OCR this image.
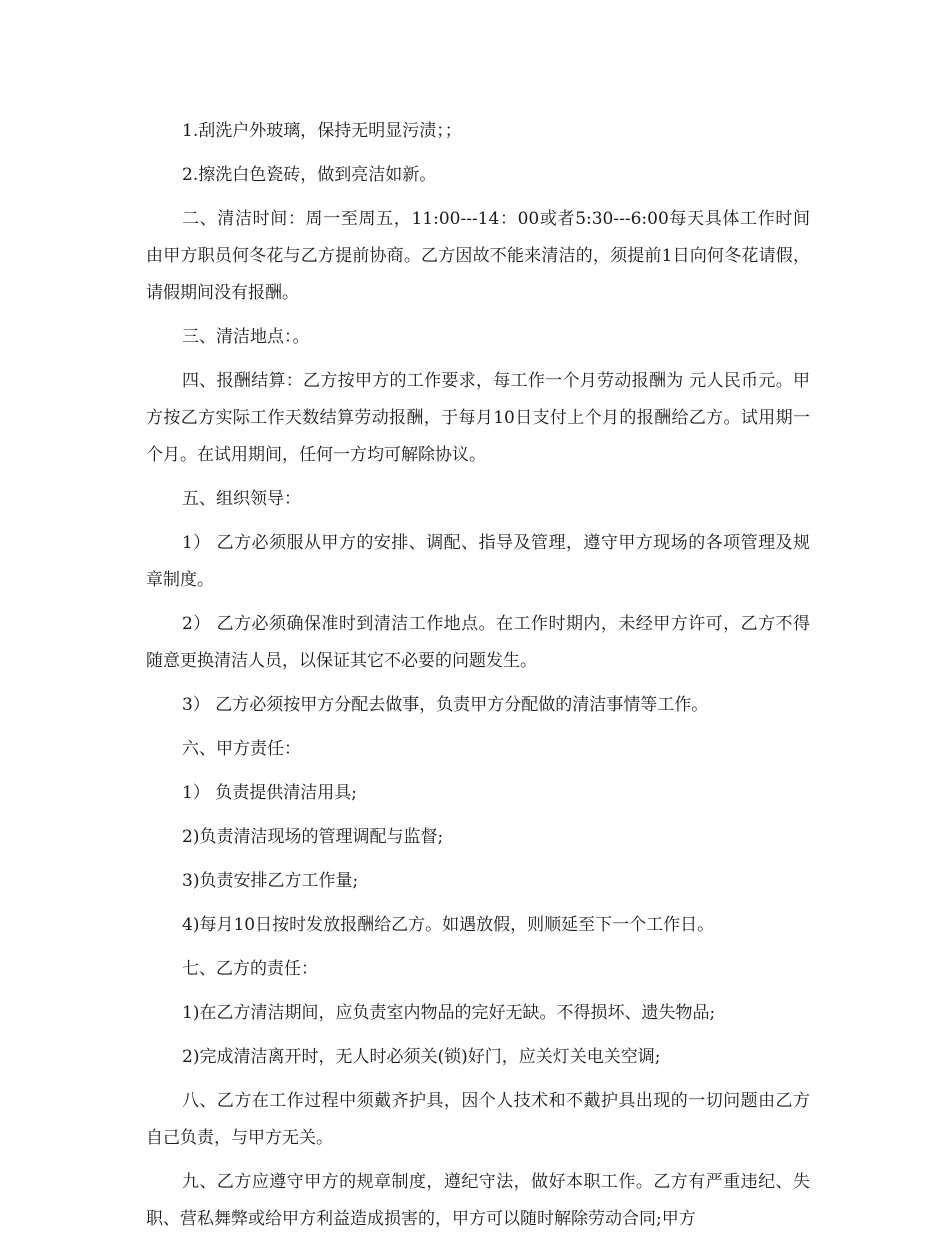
1.刮洗户外玻璃，保持无明显污渍；；

2.擦洗白色瓷砖，做到亮洁如新。

二、清洁时间：周一至周五，11:00---14：00或者5:30---6:00每天具体工作时间由甲方职员何冬花与乙方提前协商。乙方因故不能来清洁的，须提前1日向何冬花请假，请假期间没有报酬。

三、清洁地点：。

四、报酬结算：乙方按甲方的工作要求，每工作一个月劳动报酬为 元人民币元。甲方按乙方实际工作天数结算劳动报酬，于每月10日支付上个月的报酬给乙方。试用期一个月。在试用期间，任何一方均可解除协议。

五、组织领导：

1） 乙方必须服从甲方的安排、调配、指导及管理，遵守甲方现场的各项管理及规章制度。

2） 乙方必须确保准时到清洁工作地点。在工作时期内，未经甲方许可，乙方不得随意更换清洁人员，以保证其它不必要的问题发生。

3） 乙方必须按甲方分配去做事，负责甲方分配做的清洁事情等工作。

六、甲方责任：

1） 负责提供清洁用具;

2)负责清洁现场的管理调配与监督;

3)负责安排乙方工作量;

4)每月10日按时发放报酬给乙方。如遇放假，则顺延至下一个工作日。

七、乙方的责任：

1)在乙方清洁期间，应负责室内物品的完好无缺。不得损坏、遗失物品;

2)完成清洁离开时，无人时必须关(锁)好门，应关灯关电关空调;

八、乙方在工作过程中须戴齐护具，因个人技术和不戴护具出现的一切问题由乙方自己负责，与甲方无关。

九、乙方应遵守甲方的规章制度，遵纪守法，做好本职工作。乙方有严重违纪、失职、营私舞弊或给甲方利益造成损害的，甲方可以随时解除劳动合同;甲方
